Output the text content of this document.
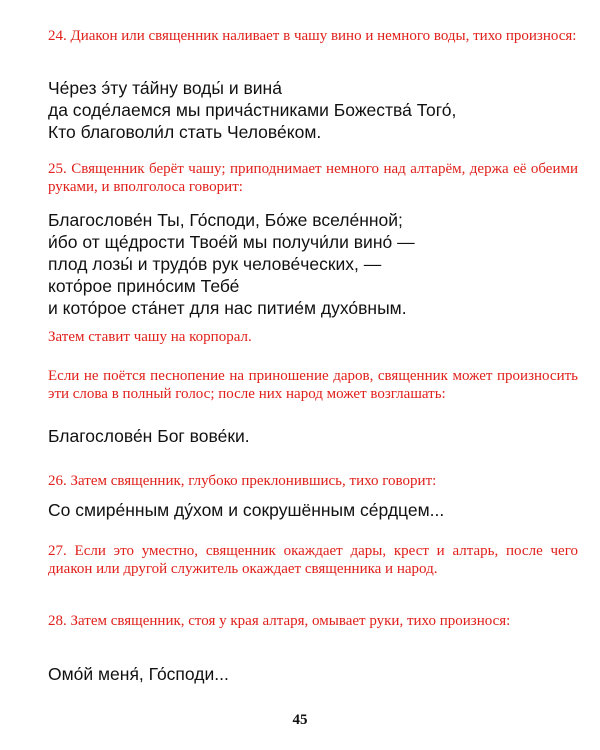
24. Диакон или священник наливает в чашу вино и немного воды, тихо произнося:
Че́рез э́ту та́йну воды́ и вина́
да соде́лаемся мы прича́стниками Божества́ Того́,
Кто благоволи́л стать Челове́ком.
25. Священник берёт чашу; приподнимает немного над алтарём, держа её обеими руками, и вполголоса говорит:
Благослове́н Ты, Го́споди, Бо́же вселе́нной;
и́бо от ще́дрости Твое́й мы получи́ли вино́ —
плод лозы́ и трудо́в рук челове́ческих, —
кото́рое прино́сим Тебе́
и кото́рое ста́нет для нас питие́м духо́вным.
Затем ставит чашу на корпорал.
Если не поётся песнопение на приношение даров, священник может произносить эти слова в полный голос; после них народ может возглашать:
Благослове́н Бог вове́ки.
26. Затем священник, глубоко преклонившись, тихо говорит:
Со смире́нным ду́хом и сокрушённым се́рдцем...
27. Если это уместно, священник окаждает дары, крест и алтарь, после чего диакон или другой служитель окаждает священника и народ.
28. Затем священник, стоя у края алтаря, омывает руки, тихо произнося:
Омо́й меня́, Го́споди...
45
